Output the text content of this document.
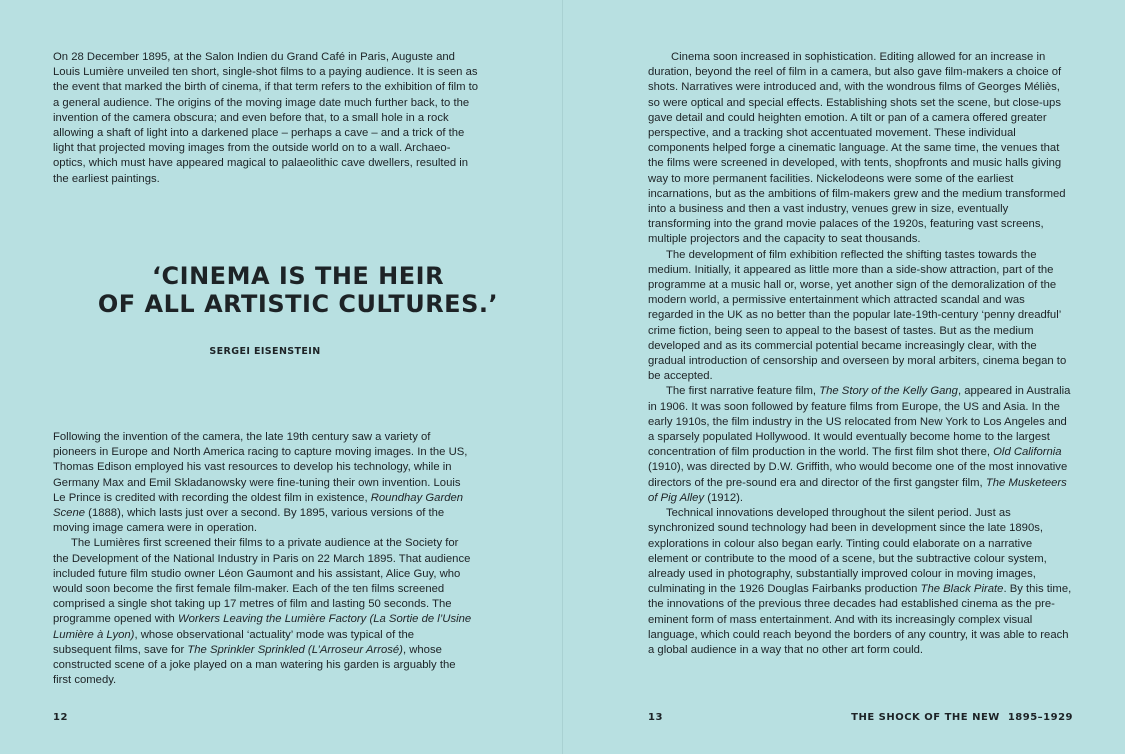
On 28 December 1895, at the Salon Indien du Grand Café in Paris, Auguste and Louis Lumière unveiled ten short, single-shot films to a paying audience. It is seen as the event that marked the birth of cinema, if that term refers to the exhibition of film to a general audience. The origins of the moving image date much further back, to the invention of the camera obscura; and even before that, to a small hole in a rock allowing a shaft of light into a darkened place – perhaps a cave – and a trick of the light that projected moving images from the outside world on to a wall. Archaeo-optics, which must have appeared magical to palaeolithic cave dwellers, resulted in the earliest paintings.

‘CINEMA IS THE HEIR
OF ALL ARTISTIC CULTURES.’
SERGEI EISENSTEIN

Following the invention of the camera, the late 19th century saw a variety of pioneers in Europe and North America racing to capture moving images. In the US, Thomas Edison employed his vast resources to develop his technology, while in Germany Max and Emil Skladanowsky were fine-tuning their own invention. Louis Le Prince is credited with recording the oldest film in existence, Roundhay Garden Scene (1888), which lasts just over a second. By 1895, various versions of the moving image camera were in operation.

The Lumières first screened their films to a private audience at the Society for the Development of the National Industry in Paris on 22 March 1895. That audience included future film studio owner Léon Gaumont and his assistant, Alice Guy, who would soon become the first female film-maker. Each of the ten films screened comprised a single shot taking up 17 metres of film and lasting 50 seconds. The programme opened with Workers Leaving the Lumière Factory (La Sortie de l’Usine Lumière à Lyon), whose observational ‘actuality’ mode was typical of the subsequent films, save for The Sprinkler Sprinkled (L’Arroseur Arrosé), whose constructed scene of a joke played on a man watering his garden is arguably the first comedy.

12

Cinema soon increased in sophistication. Editing allowed for an increase in duration, beyond the reel of film in a camera, but also gave film-makers a choice of shots. Narratives were introduced and, with the wondrous films of Georges Méliès, so were optical and special effects. Establishing shots set the scene, but close-ups gave detail and could heighten emotion. A tilt or pan of a camera offered greater perspective, and a tracking shot accentuated movement. These individual components helped forge a cinematic language. At the same time, the venues that the films were screened in developed, with tents, shopfronts and music halls giving way to more permanent facilities. Nickelodeons were some of the earliest incarnations, but as the ambitions of film-makers grew and the medium transformed into a business and then a vast industry, venues grew in size, eventually transforming into the grand movie palaces of the 1920s, featuring vast screens, multiple projectors and the capacity to seat thousands.

The development of film exhibition reflected the shifting tastes towards the medium. Initially, it appeared as little more than a side-show attraction, part of the programme at a music hall or, worse, yet another sign of the demoralization of the modern world, a permissive entertainment which attracted scandal and was regarded in the UK as no better than the popular late-19th-century ‘penny dreadful’ crime fiction, being seen to appeal to the basest of tastes. But as the medium developed and as its commercial potential became increasingly clear, with the gradual introduction of censorship and overseen by moral arbiters, cinema began to be accepted.

The first narrative feature film, The Story of the Kelly Gang, appeared in Australia in 1906. It was soon followed by feature films from Europe, the US and Asia. In the early 1910s, the film industry in the US relocated from New York to Los Angeles and a sparsely populated Hollywood. It would eventually become home to the largest concentration of film production in the world. The first film shot there, Old California (1910), was directed by D.W. Griffith, who would become one of the most innovative directors of the pre-sound era and director of the first gangster film, The Musketeers of Pig Alley (1912).

Technical innovations developed throughout the silent period. Just as synchronized sound technology had been in development since the late 1890s, explorations in colour also began early. Tinting could elaborate on a narrative element or contribute to the mood of a scene, but the subtractive colour system, already used in photography, substantially improved colour in moving images, culminating in the 1926 Douglas Fairbanks production The Black Pirate. By this time, the innovations of the previous three decades had established cinema as the pre-eminent form of mass entertainment. And with its increasingly complex visual language, which could reach beyond the borders of any country, it was able to reach a global audience in a way that no other art form could.

13	THE SHOCK OF THE NEW 1895–1929
